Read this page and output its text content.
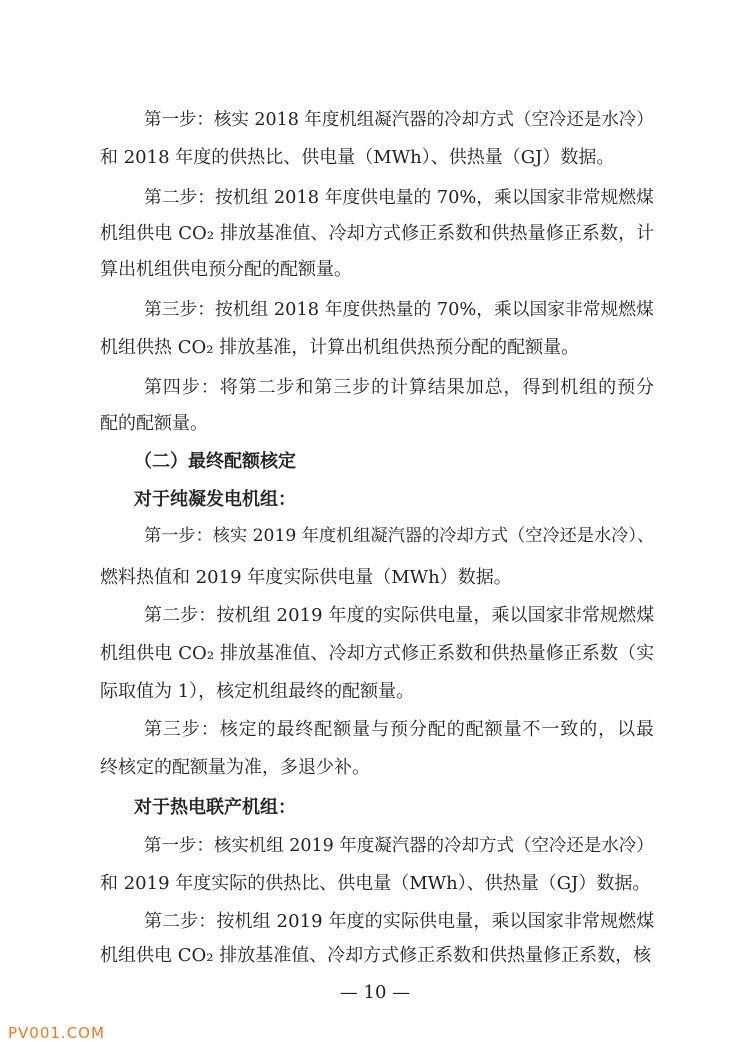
第一步：核实 2018 年度机组凝汽器的冷却方式（空冷还是水冷）
和 2018 年度的供热比、供电量（MWh）、供热量（GJ）数据。
第二步：按机组 2018 年度供电量的 70%，乘以国家非常规燃煤
机组供电 CO₂ 排放基准值、冷却方式修正系数和供热量修正系数，计
算出机组供电预分配的配额量。
第三步：按机组 2018 年度供热量的 70%，乘以国家非常规燃煤
机组供热 CO₂ 排放基准，计算出机组供热预分配的配额量。
第四步：将第二步和第三步的计算结果加总，得到机组的预分
配的配额量。
（二）最终配额核定
对于纯凝发电机组：
第一步：核实 2019 年度机组凝汽器的冷却方式（空冷还是水冷）、
燃料热值和 2019 年度实际供电量（MWh）数据。
第二步：按机组 2019 年度的实际供电量，乘以国家非常规燃煤
机组供电 CO₂ 排放基准值、冷却方式修正系数和供热量修正系数（实
际取值为 1），核定机组最终的配额量。
第三步：核定的最终配额量与预分配的配额量不一致的，以最
终核定的配额量为准，多退少补。
对于热电联产机组：
第一步：核实机组 2019 年度凝汽器的冷却方式（空冷还是水冷）
和 2019 年度实际的供热比、供电量（MWh）、供热量（GJ）数据。
第二步：按机组 2019 年度的实际供电量，乘以国家非常规燃煤
机组供电 CO₂ 排放基准值、冷却方式修正系数和供热量修正系数，核
— 10 —
PV001.COM
